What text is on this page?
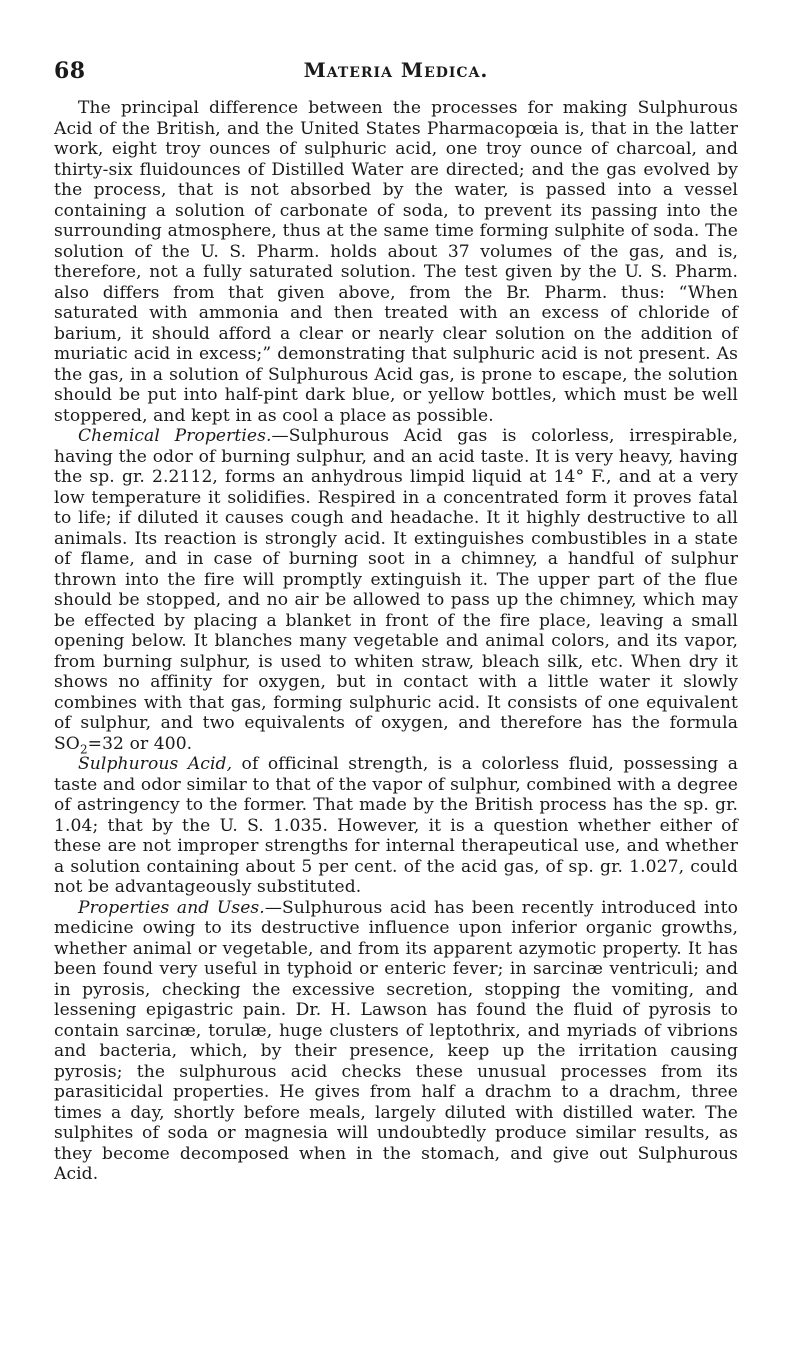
68	Materia Medica.

The principal difference between the processes for making Sulphurous Acid of the British, and the United States Pharmacopœia is, that in the latter work, eight troy ounces of sulphuric acid, one troy ounce of charcoal, and thirty-six fluidounces of Distilled Water are directed; and the gas evolved by the process, that is not absorbed by the water, is passed into a vessel containing a solution of carbonate of soda, to prevent its passing into the surrounding atmosphere, thus at the same time forming sulphite of soda. The solution of the U. S. Pharm. holds about 37 volumes of the gas, and is, therefore, not a fully saturated solution. The test given by the U. S. Pharm. also differs from that given above, from the Br. Pharm. thus: “When saturated with ammonia and then treated with an excess of chloride of barium, it should afford a clear or nearly clear solution on the addition of muriatic acid in excess;” demonstrating that sulphuric acid is not present. As the gas, in a solution of Sulphurous Acid gas, is prone to escape, the solution should be put into half-pint dark blue, or yellow bottles, which must be well stoppered, and kept in as cool a place as possible.

Chemical Properties.—Sulphurous Acid gas is colorless, irrespirable, having the odor of burning sulphur, and an acid taste. It is very heavy, having the sp. gr. 2.2112, forms an anhydrous limpid liquid at 14° F., and at a very low temperature it solidifies. Respired in a concentrated form it proves fatal to life; if diluted it causes cough and headache. It it highly destructive to all animals. Its reaction is strongly acid. It extinguishes combustibles in a state of flame, and in case of burning soot in a chimney, a handful of sulphur thrown into the fire will promptly extinguish it. The upper part of the flue should be stopped, and no air be allowed to pass up the chimney, which may be effected by placing a blanket in front of the fire place, leaving a small opening below. It blanches many vegetable and animal colors, and its vapor, from burning sulphur, is used to whiten straw, bleach silk, etc. When dry it shows no affinity for oxygen, but in contact with a little water it slowly combines with that gas, forming sulphuric acid. It consists of one equivalent of sulphur, and two equivalents of oxygen, and therefore has the formula $SO_2=32$ or 400.

Sulphurous Acid, of officinal strength, is a colorless fluid, possessing a taste and odor similar to that of the vapor of sulphur, combined with a degree of astringency to the former. That made by the British process has the sp. gr. 1.04; that by the U. S. 1.035. However, it is a question whether either of these are not improper strengths for internal therapeutical use, and whether a solution containing about 5 per cent. of the acid gas, of sp. gr. 1.027, could not be advantageously substituted.

Properties and Uses.—Sulphurous acid has been recently introduced into medicine owing to its destructive influence upon inferior organic growths, whether animal or vegetable, and from its apparent azymotic property. It has been found very useful in typhoid or enteric fever; in sarcinæ ventriculi; and in pyrosis, checking the excessive secretion, stopping the vomiting, and lessening epigastric pain. Dr. H. Lawson has found the fluid of pyrosis to contain sarcinæ, torulæ, huge clusters of leptothrix, and myriads of vibrions and bacteria, which, by their presence, keep up the irritation causing pyrosis; the sulphurous acid checks these unusual processes from its parasiticidal properties. He gives from half a drachm to a drachm, three times a day, shortly before meals, largely diluted with distilled water. The sulphites of soda or magnesia will undoubtedly produce similar results, as they become decomposed when in the stomach, and give out Sulphurous Acid.
